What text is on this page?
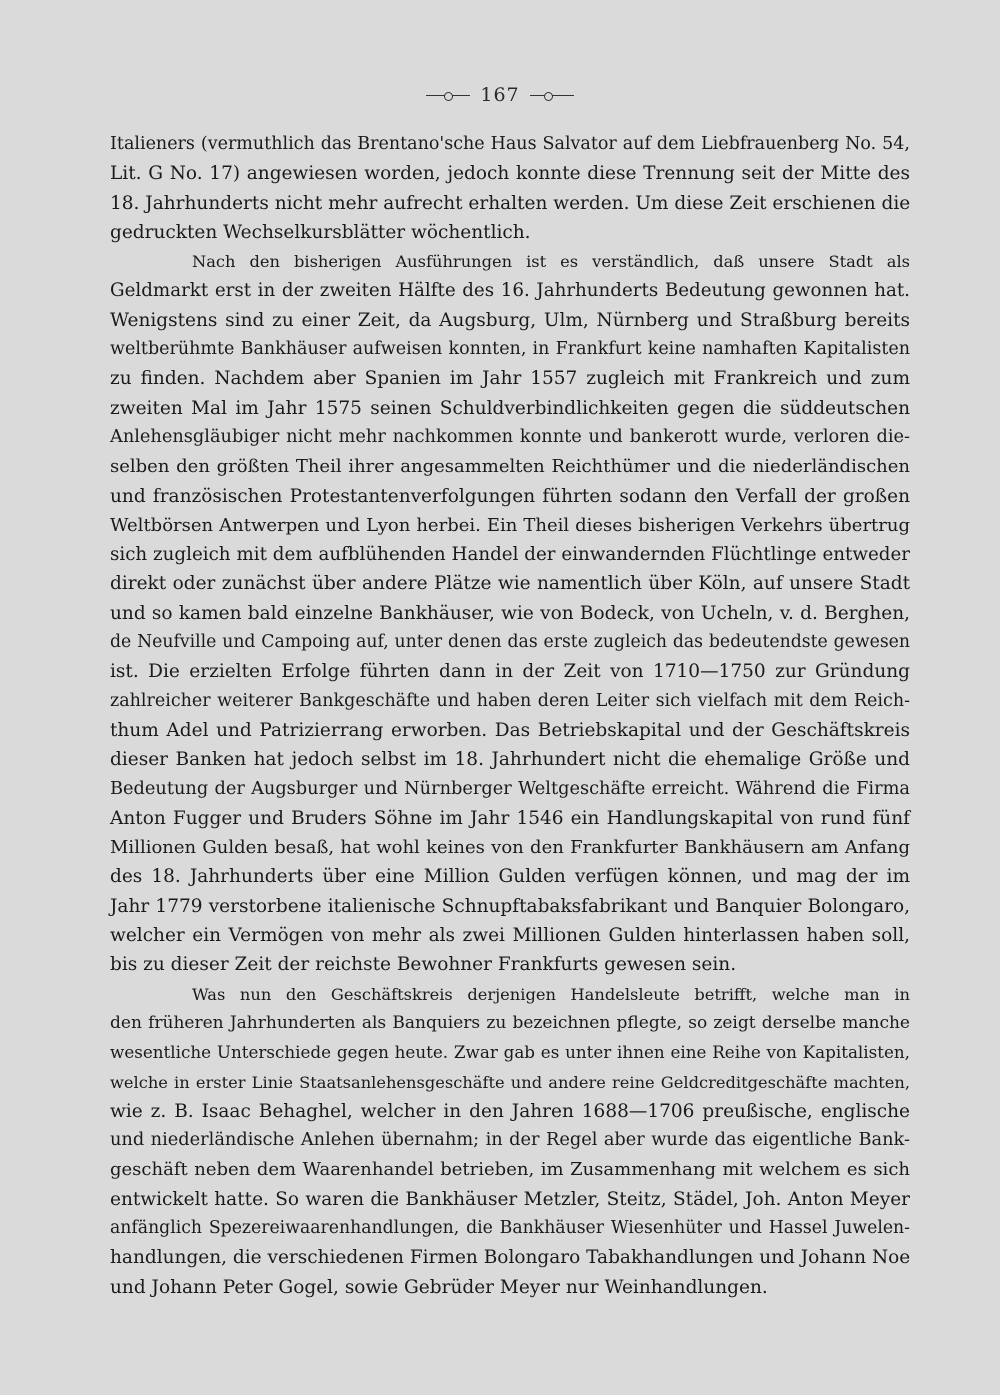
167

Italieners (vermuthlich das Brentano'sche Haus Salvator auf dem Liebfrauenberg No. 54,
Lit. G No. 17) angewiesen worden, jedoch konnte diese Trennung seit der Mitte des
18. Jahrhunderts nicht mehr aufrecht erhalten werden. Um diese Zeit erschienen die
gedruckten Wechselkursblätter wöchentlich.

Nach den bisherigen Ausführungen ist es verständlich, daß unsere Stadt als
Geldmarkt erst in der zweiten Hälfte des 16. Jahrhunderts Bedeutung gewonnen hat.
Wenigstens sind zu einer Zeit, da Augsburg, Ulm, Nürnberg und Straßburg bereits
weltberühmte Bankhäuser aufweisen konnten, in Frankfurt keine namhaften Kapitalisten
zu finden. Nachdem aber Spanien im Jahr 1557 zugleich mit Frankreich und zum
zweiten Mal im Jahr 1575 seinen Schuldverbindlichkeiten gegen die süddeutschen
Anlehensgläubiger nicht mehr nachkommen konnte und bankerott wurde, verloren die-
selben den größten Theil ihrer angesammelten Reichthümer und die niederländischen
und französischen Protestantenverfolgungen führten sodann den Verfall der großen
Weltbörsen Antwerpen und Lyon herbei. Ein Theil dieses bisherigen Verkehrs übertrug
sich zugleich mit dem aufblühenden Handel der einwandernden Flüchtlinge entweder
direkt oder zunächst über andere Plätze wie namentlich über Köln, auf unsere Stadt
und so kamen bald einzelne Bankhäuser, wie von Bodeck, von Ucheln, v. d. Berghen,
de Neufville und Campoing auf, unter denen das erste zugleich das bedeutendste gewesen
ist. Die erzielten Erfolge führten dann in der Zeit von 1710—1750 zur Gründung
zahlreicher weiterer Bankgeschäfte und haben deren Leiter sich vielfach mit dem Reich-
thum Adel und Patrizierrang erworben. Das Betriebskapital und der Geschäftskreis
dieser Banken hat jedoch selbst im 18. Jahrhundert nicht die ehemalige Größe und
Bedeutung der Augsburger und Nürnberger Weltgeschäfte erreicht. Während die Firma
Anton Fugger und Bruders Söhne im Jahr 1546 ein Handlungskapital von rund fünf
Millionen Gulden besaß, hat wohl keines von den Frankfurter Bankhäusern am Anfang
des 18. Jahrhunderts über eine Million Gulden verfügen können, und mag der im
Jahr 1779 verstorbene italienische Schnupftabaksfabrikant und Banquier Bolongaro,
welcher ein Vermögen von mehr als zwei Millionen Gulden hinterlassen haben soll,
bis zu dieser Zeit der reichste Bewohner Frankfurts gewesen sein.

Was nun den Geschäftskreis derjenigen Handelsleute betrifft, welche man in
den früheren Jahrhunderten als Banquiers zu bezeichnen pflegte, so zeigt derselbe manche
wesentliche Unterschiede gegen heute. Zwar gab es unter ihnen eine Reihe von Kapitalisten,
welche in erster Linie Staatsanlehensgeschäfte und andere reine Geldcreditgeschäfte machten,
wie z. B. Isaac Behaghel, welcher in den Jahren 1688—1706 preußische, englische
und niederländische Anlehen übernahm; in der Regel aber wurde das eigentliche Bank-
geschäft neben dem Waarenhandel betrieben, im Zusammenhang mit welchem es sich
entwickelt hatte. So waren die Bankhäuser Metzler, Steitz, Städel, Joh. Anton Meyer
anfänglich Spezereiwaarenhandlungen, die Bankhäuser Wiesenhüter und Hassel Juwelen-
handlungen, die verschiedenen Firmen Bolongaro Tabakhandlungen und Johann Noe
und Johann Peter Gogel, sowie Gebrüder Meyer nur Weinhandlungen.
